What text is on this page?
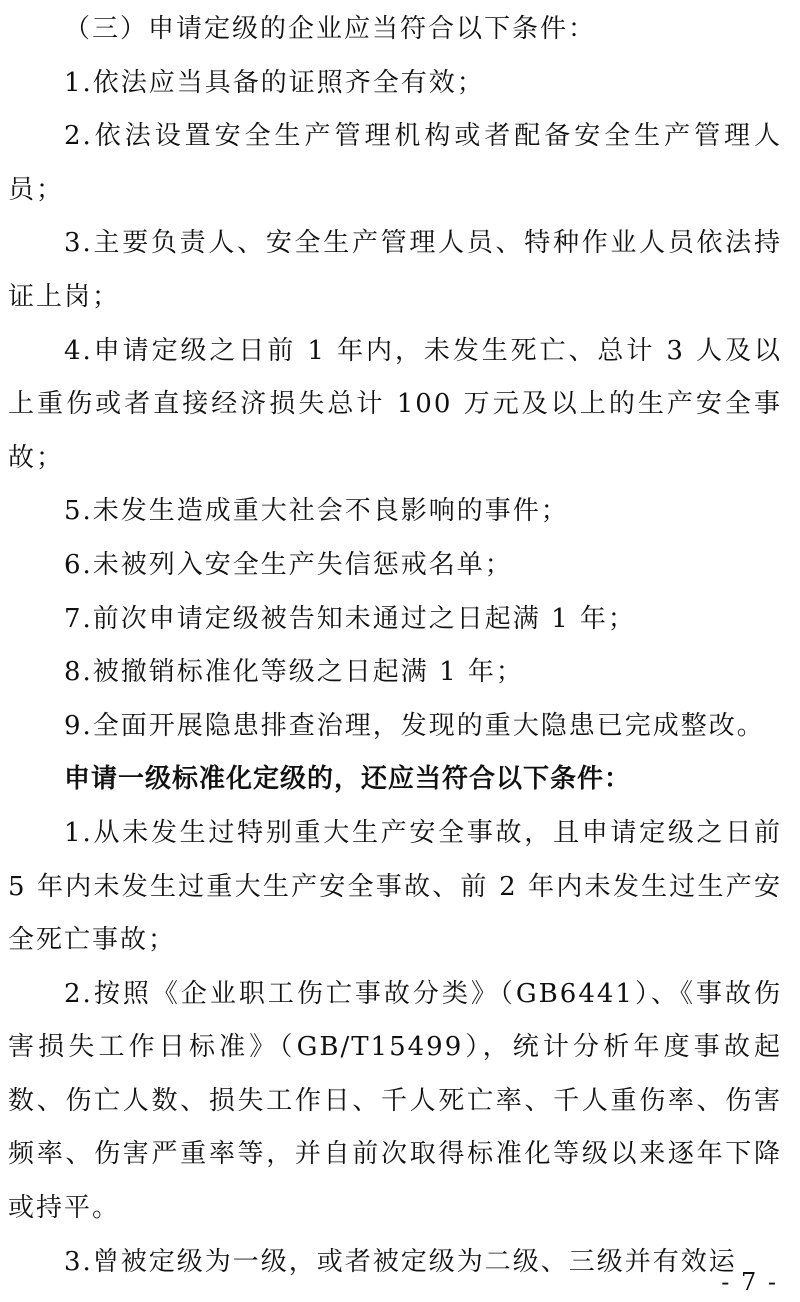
（三）申请定级的企业应当符合以下条件：

1.依法应当具备的证照齐全有效；

2.依法设置安全生产管理机构或者配备安全生产管理人员；

3.主要负责人、安全生产管理人员、特种作业人员依法持证上岗；

4.申请定级之日前 1 年内，未发生死亡、总计 3 人及以上重伤或者直接经济损失总计 100 万元及以上的生产安全事故；

5.未发生造成重大社会不良影响的事件；

6.未被列入安全生产失信惩戒名单；

7.前次申请定级被告知未通过之日起满 1 年；

8.被撤销标准化等级之日起满 1 年；

9.全面开展隐患排查治理，发现的重大隐患已完成整改。

申请一级标准化定级的，还应当符合以下条件：

1.从未发生过特别重大生产安全事故，且申请定级之日前 5 年内未发生过重大生产安全事故、前 2 年内未发生过生产安全死亡事故；

2.按照《企业职工伤亡事故分类》（GB6441）、《事故伤害损失工作日标准》（GB/T15499），统计分析年度事故起数、伤亡人数、损失工作日、千人死亡率、千人重伤率、伤害频率、伤害严重率等，并自前次取得标准化等级以来逐年下降或持平。

3.曾被定级为一级，或者被定级为二级、三级并有效运

- 7 -
